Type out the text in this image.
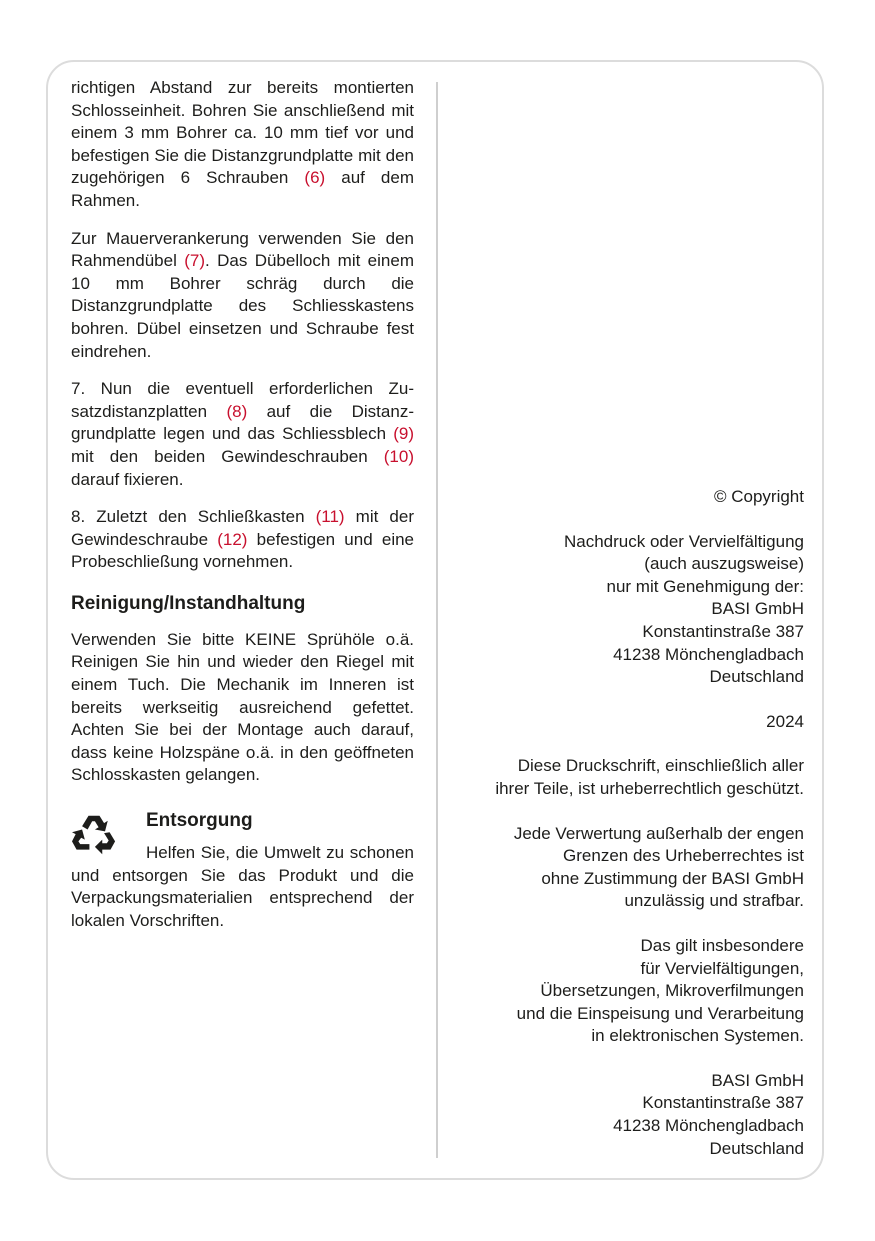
richtigen Abstand zur bereits montierten Schlosseinheit. Bohren Sie anschließend mit einem 3 mm Bohrer ca. 10 mm tief vor und befestigen Sie die Distanzgrundplatte mit den zugehörigen 6 Schrauben (6) auf dem Rahmen.

Zur Mauerverankerung verwenden Sie den Rahmendübel (7). Das Dübelloch mit einem 10 mm Bohrer schräg durch die Distanzgrundplatte des Schliesskastens bohren. Dübel einsetzen und Schraube fest eindrehen.

7. Nun die eventuell erforderlichen Zusatzdistanzplatten (8) auf die Distanzgrundplatte legen und das Schliessblech (9) mit den beiden Gewindeschrauben (10) darauf fixieren.

8. Zuletzt den Schließkasten (11) mit der Gewindeschraube (12) befestigen und eine Probeschließung vornehmen.

Reinigung/Instandhaltung

Verwenden Sie bitte KEINE Sprühöle o.ä. Reinigen Sie hin und wieder den Riegel mit einem Tuch. Die Mechanik im Inneren ist bereits werkseitig ausreichend gefettet. Achten Sie bei der Montage auch darauf, dass keine Holzspäne o.ä. in den geöffneten Schlosskasten gelangen.

Entsorgung

Helfen Sie, die Umwelt zu schonen und entsorgen Sie das Produkt und die Verpackungsmaterialien entsprechend der lokalen Vorschriften.

© Copyright
Nachdruck oder Vervielfältigung
(auch auszugsweise)
nur mit Genehmigung der:
BASI GmbH
Konstantinstraße 387
41238 Mönchengladbach
Deutschland
2024
Diese Druckschrift, einschließlich aller
ihrer Teile, ist urheberrechtlich geschützt.
Jede Verwertung außerhalb der engen
Grenzen des Urheberrechtes ist
ohne Zustimmung der BASI GmbH
unzulässig und strafbar.
Das gilt insbesondere
für Vervielfältigungen,
Übersetzungen, Mikroverfilmungen
und die Einspeisung und Verarbeitung
in elektronischen Systemen.
BASI GmbH
Konstantinstraße 387
41238 Mönchengladbach
Deutschland
